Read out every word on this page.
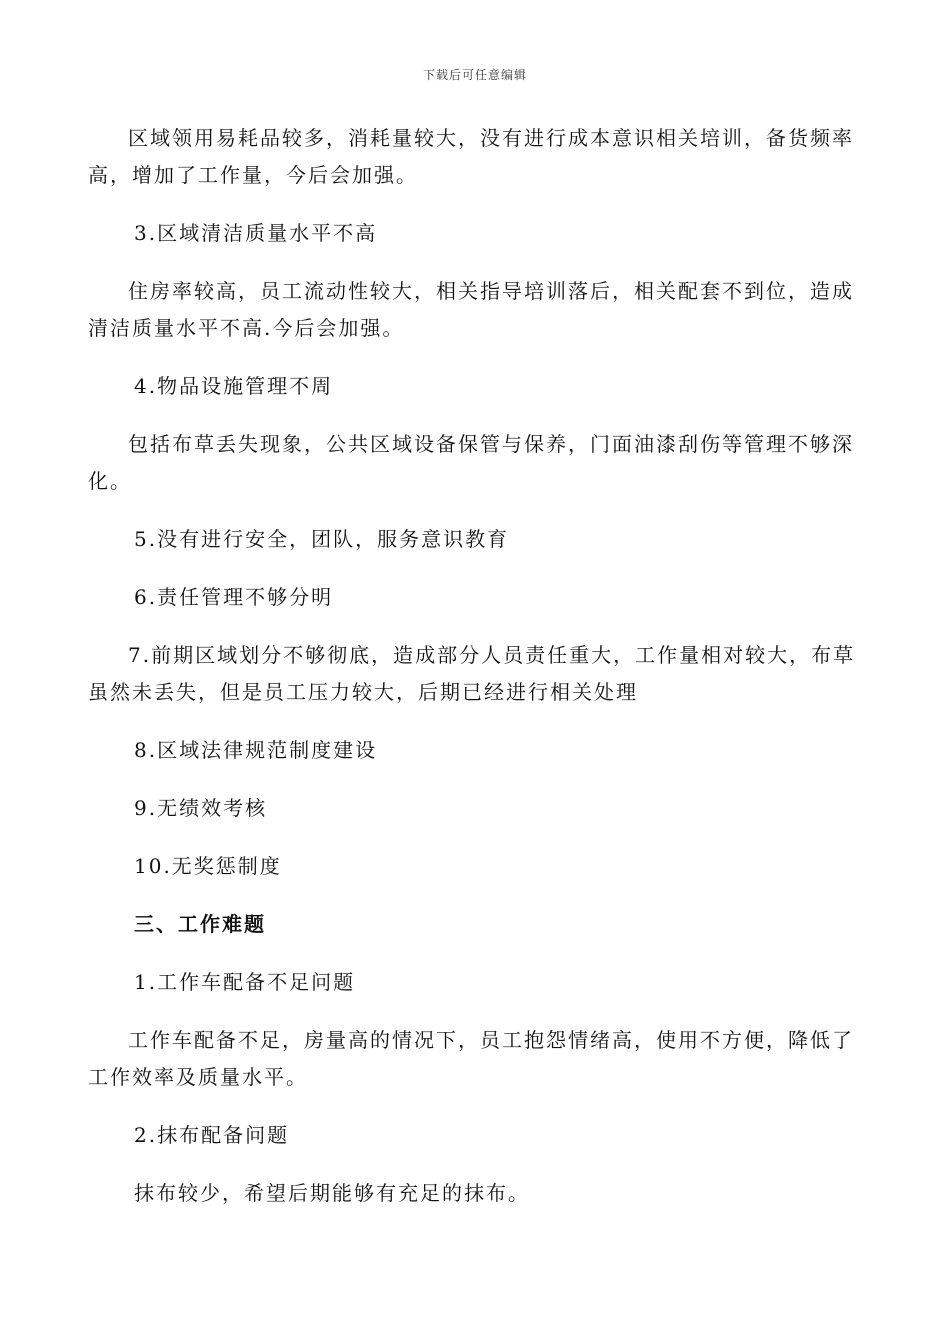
下载后可任意编辑

区域领用易耗品较多，消耗量较大，没有进行成本意识相关培训，备货频率高，增加了工作量，今后会加强。

3.区域清洁质量水平不高

住房率较高，员工流动性较大，相关指导培训落后，相关配套不到位，造成清洁质量水平不高.今后会加强。

4.物品设施管理不周

包括布草丢失现象，公共区域设备保管与保养，门面油漆刮伤等管理不够深化。

5.没有进行安全，团队，服务意识教育

6.责任管理不够分明

7.前期区域划分不够彻底，造成部分人员责任重大，工作量相对较大，布草虽然未丢失，但是员工压力较大，后期已经进行相关处理

8.区域法律规范制度建设

9.无绩效考核

10.无奖惩制度

三、工作难题

1.工作车配备不足问题

工作车配备不足，房量高的情况下，员工抱怨情绪高，使用不方便，降低了工作效率及质量水平。

2.抹布配备问题

抹布较少，希望后期能够有充足的抹布。
